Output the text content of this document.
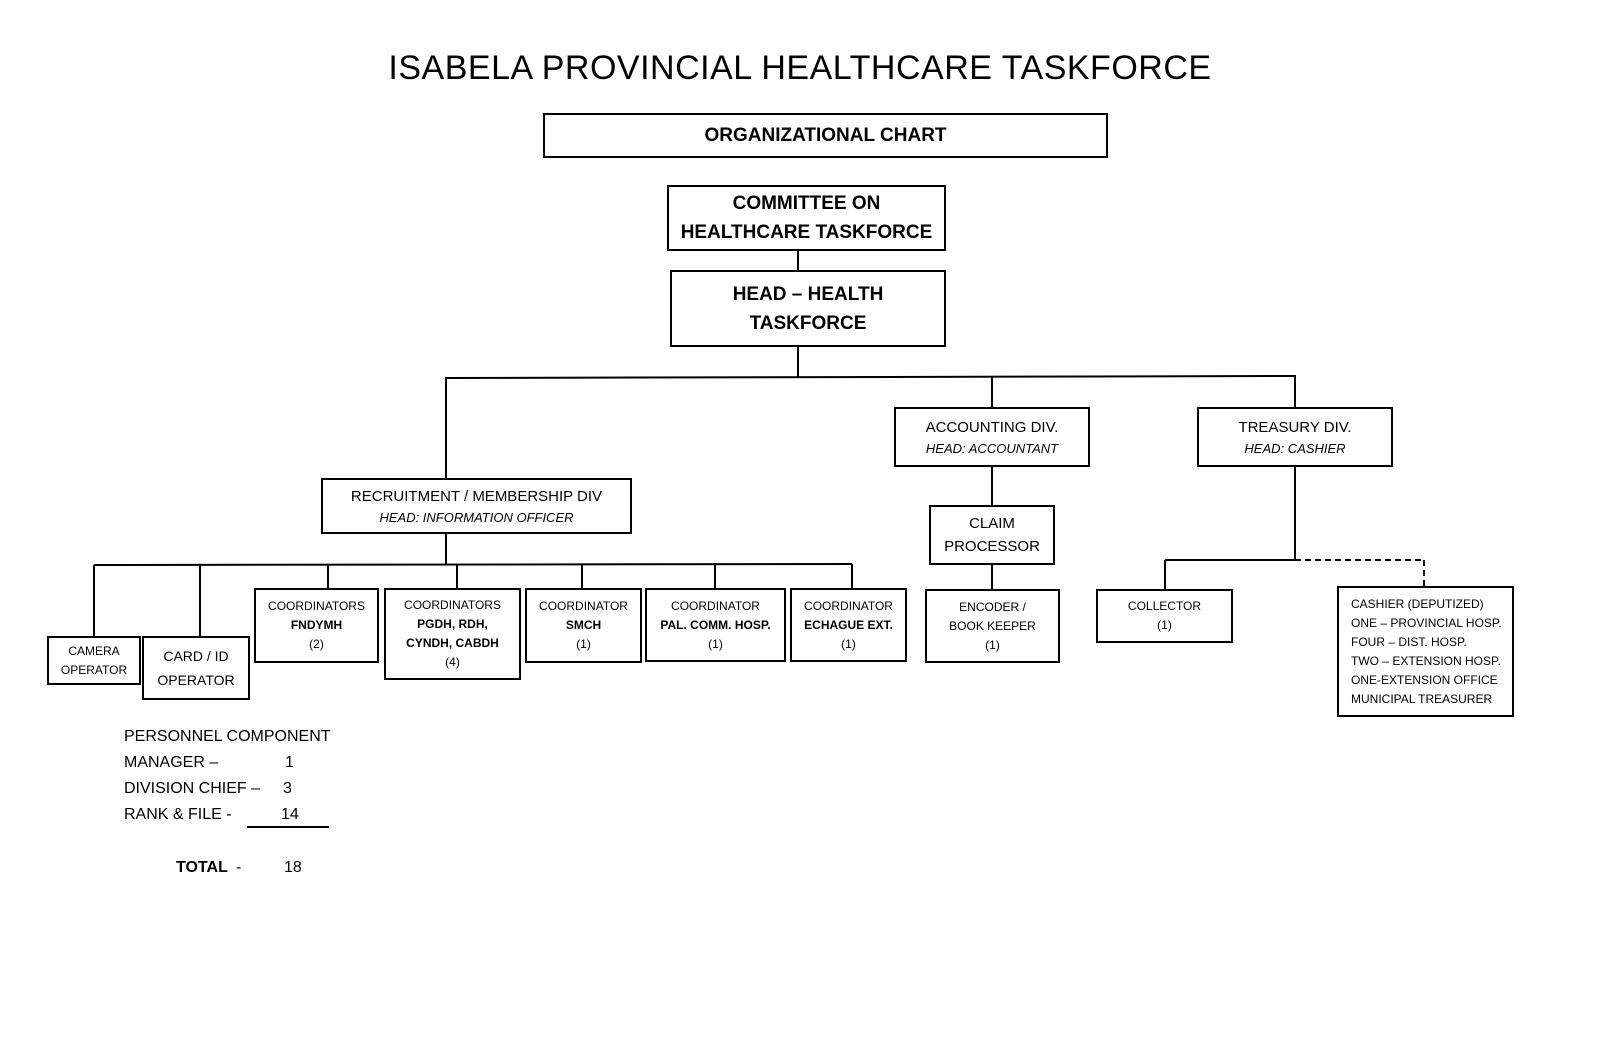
ISABELA PROVINCIAL HEALTHCARE TASKFORCE
ORGANIZATIONAL CHART
COMMITTEE ON
HEALTHCARE TASKFORCE
HEAD – HEALTH TASKFORCE
RECRUITMENT / MEMBERSHIP DIV
HEAD: INFORMATION OFFICER
ACCOUNTING DIV.
HEAD: ACCOUNTANT
TREASURY DIV.
HEAD: CASHIER
CLAIM
PROCESSOR
ENCODER /
BOOK KEEPER
(1)
COLLECTOR
(1)
CASHIER (DEPUTIZED)
ONE – PROVINCIAL HOSP.
FOUR – DIST. HOSP.
TWO – EXTENSION HOSP.
ONE-EXTENSION OFFICE
MUNICIPAL TREASURER
CAMERA
OPERATOR
CARD / ID
OPERATOR
COORDINATORS
FNDYMH
(2)
COORDINATORS
PGDH, RDH,
CYNDH, CABDH
(4)
COORDINATOR
SMCH
(1)
COORDINATOR
PAL. COMM. HOSP.
(1)
COORDINATOR
ECHAGUE EXT.
(1)
PERSONNEL COMPONENT
MANAGER –	1
DIVISION CHIEF – 3
RANK & FILE -	14
TOTAL -	18
